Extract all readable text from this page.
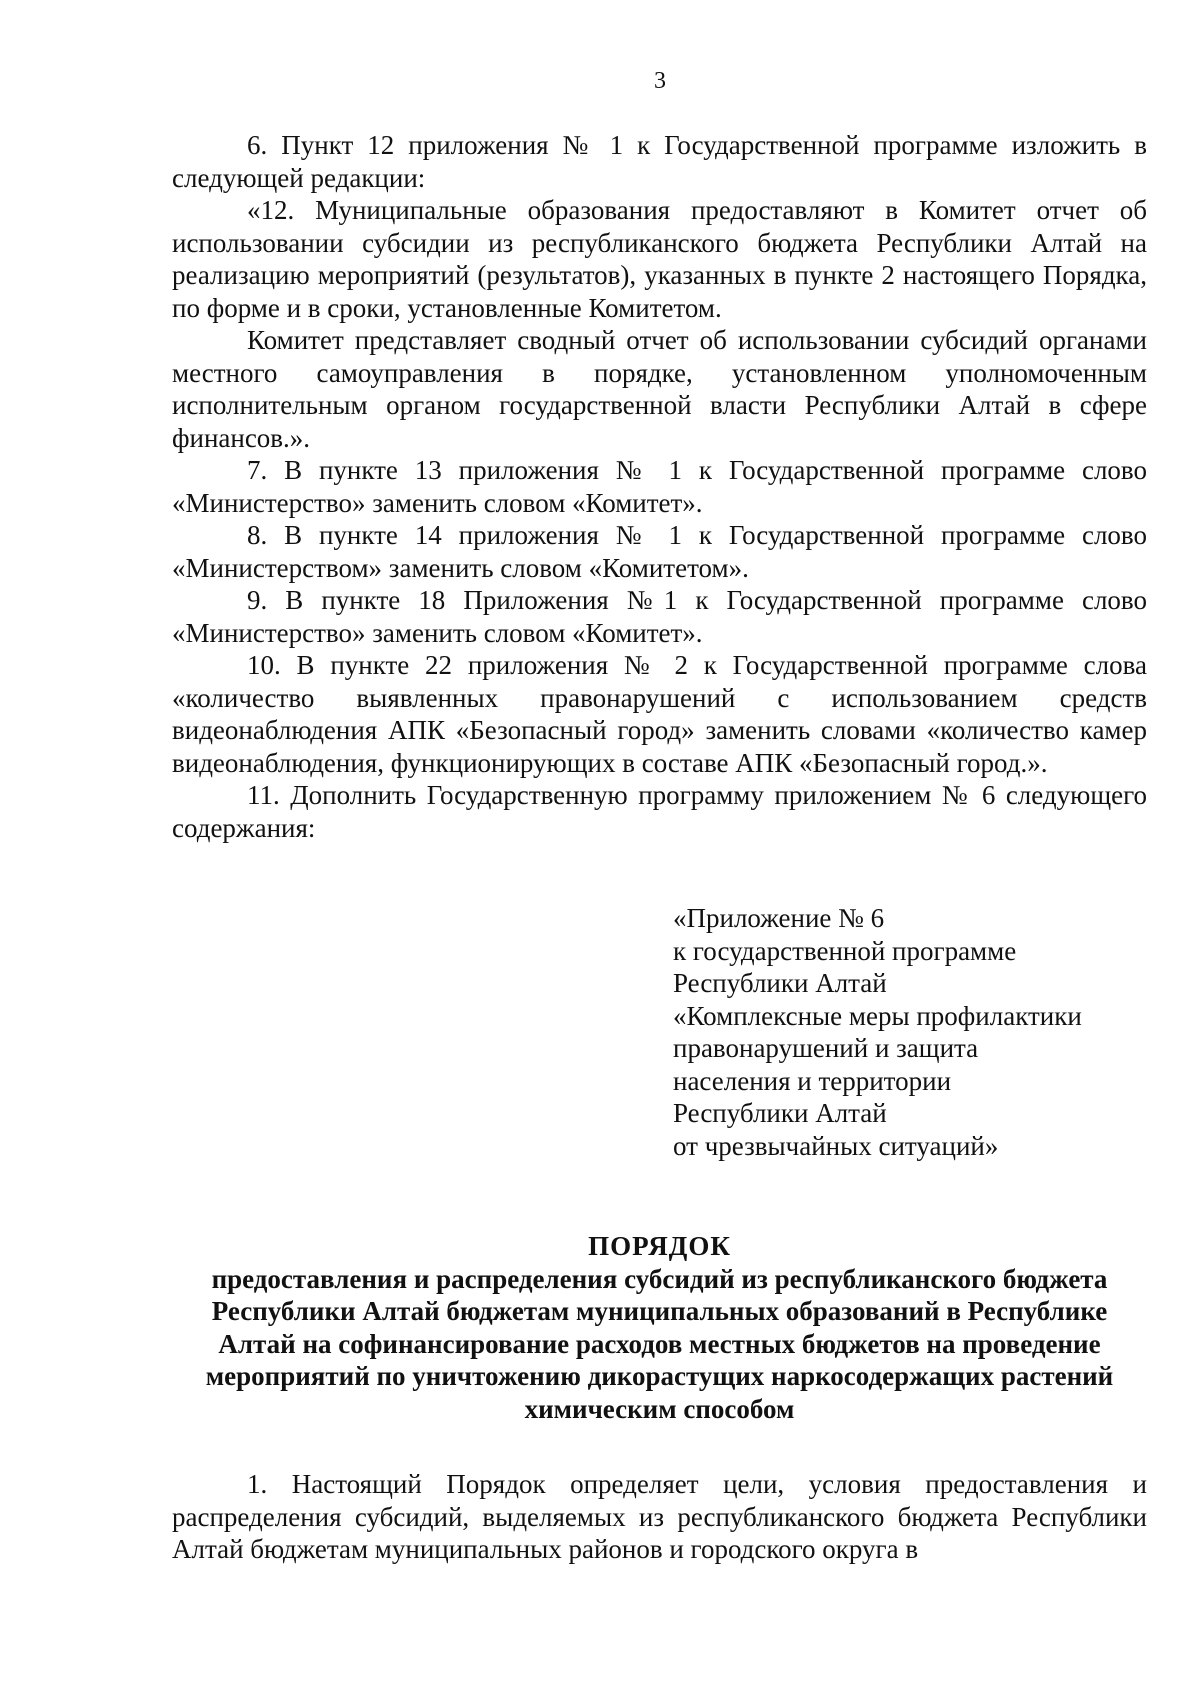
3

6. Пункт 12 приложения № 1 к Государственной программе изложить в следующей редакции:

«12. Муниципальные образования предоставляют в Комитет отчет об использовании субсидии из республиканского бюджета Республики Алтай на реализацию мероприятий (результатов), указанных в пункте 2 настоящего Порядка, по форме и в сроки, установленные Комитетом.

Комитет представляет сводный отчет об использовании субсидий органами местного самоуправления в порядке, установленном уполномоченным исполнительным органом государственной власти Республики Алтай в сфере финансов.».

7. В пункте 13 приложения № 1 к Государственной программе слово «Министерство» заменить словом «Комитет».

8. В пункте 14 приложения № 1 к Государственной программе слово «Министерством» заменить словом «Комитетом».

9. В пункте 18 Приложения №1 к Государственной программе слово «Министерство» заменить словом «Комитет».

10. В пункте 22 приложения № 2 к Государственной программе слова «количество выявленных правонарушений с использованием средств видеонаблюдения АПК «Безопасный город» заменить словами «количество камер видеонаблюдения, функционирующих в составе АПК «Безопасный город.».

11. Дополнить Государственную программу приложением № 6 следующего содержания:

«Приложение № 6
к государственной программе
Республики Алтай
«Комплексные меры профилактики
правонарушений и защита
населения и территории
Республики Алтай
от чрезвычайных ситуаций»

ПОРЯДОК

предоставления и распределения субсидий из республиканского бюджета Республики Алтай бюджетам муниципальных образований в Республике Алтай на софинансирование расходов местных бюджетов на проведение мероприятий по уничтожению дикорастущих наркосодержащих растений химическим способом

1. Настоящий Порядок определяет цели, условия предоставления и распределения субсидий, выделяемых из республиканского бюджета Республики Алтай бюджетам муниципальных районов и городского округа в
